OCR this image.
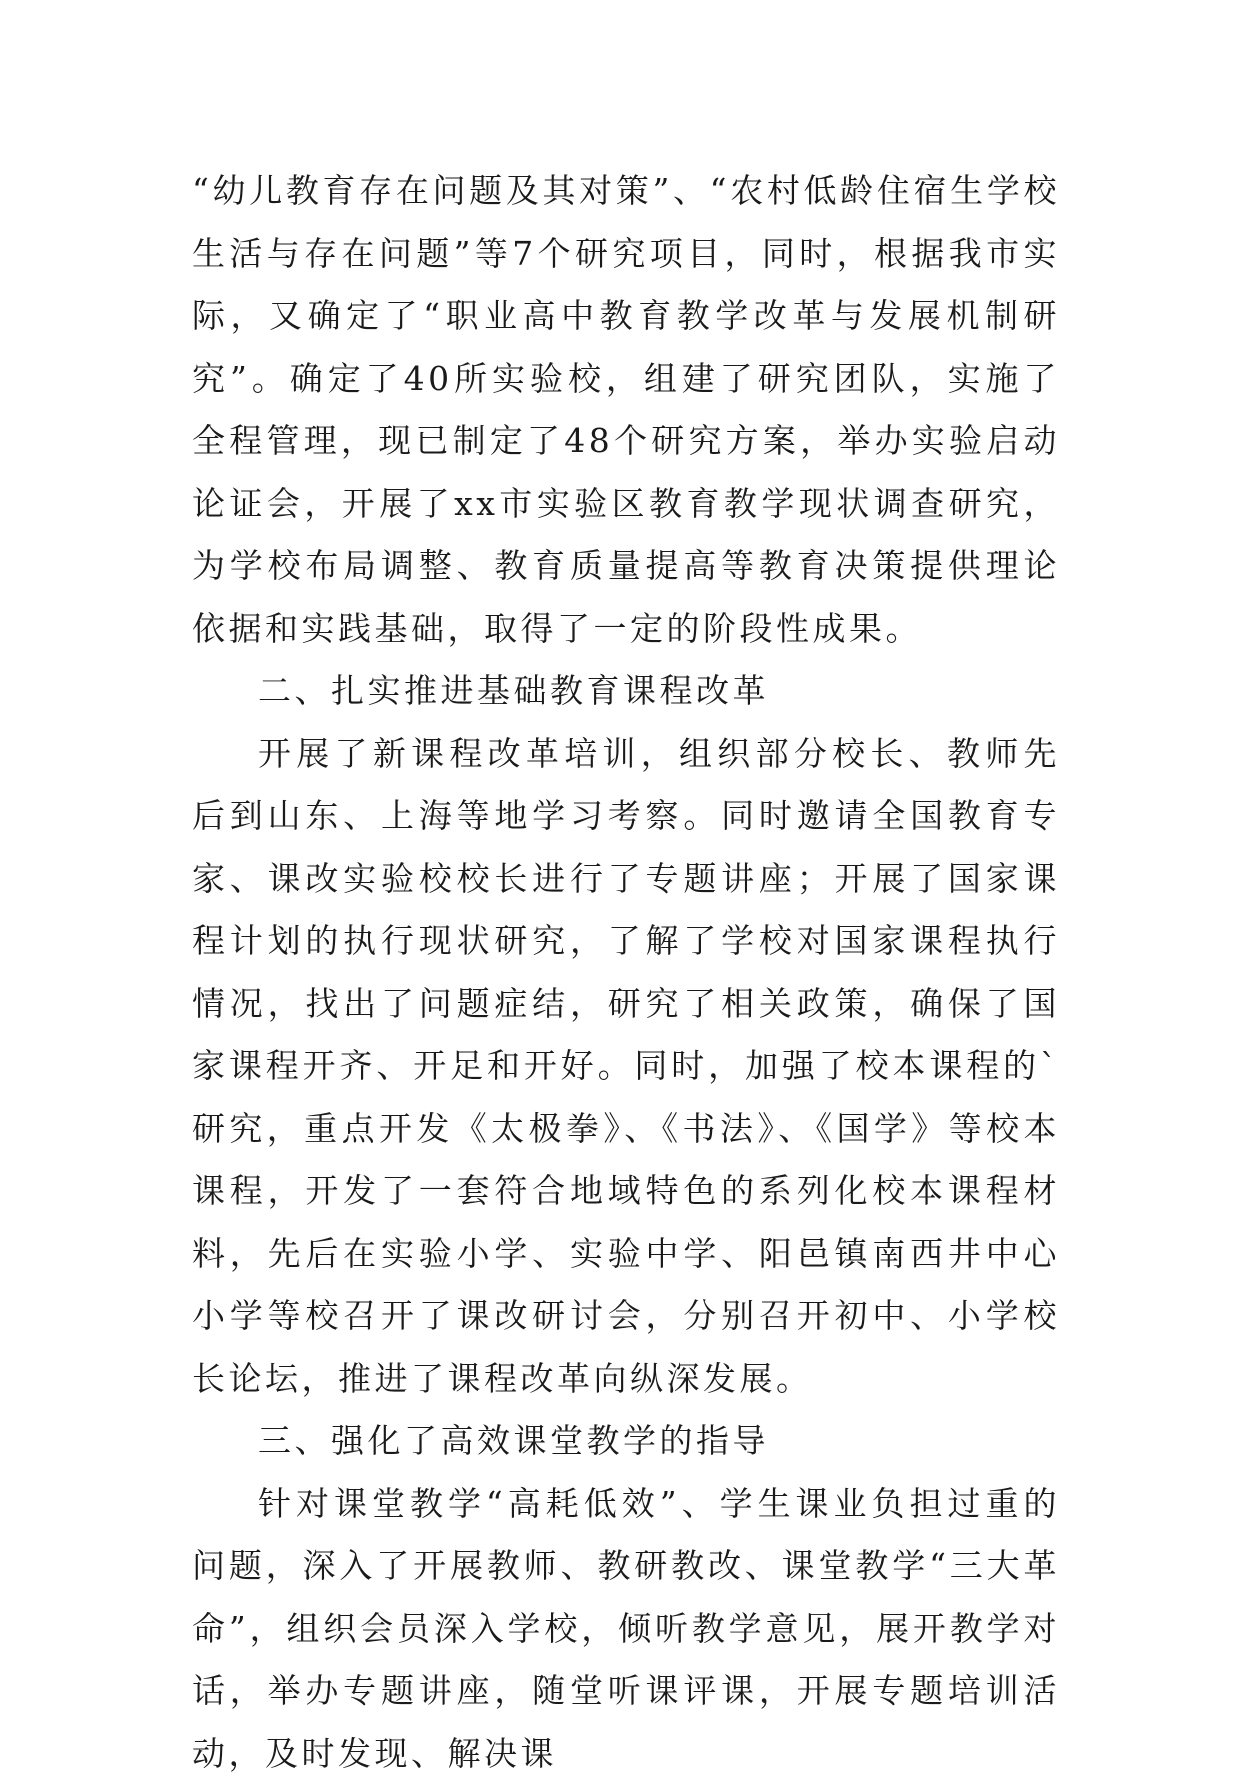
“幼儿教育存在问题及其对策”、“农村低龄住宿生学校生活与存在问题”等7个研究项目，同时，根据我市实际，又确定了“职业高中教育教学改革与发展机制研究”。确定了40所实验校，组建了研究团队，实施了全程管理，现已制定了48个研究方案，举办实验启动论证会，开展了xx市实验区教育教学现状调查研究，为学校布局调整、教育质量提高等教育决策提供理论依据和实践基础，取得了一定的阶段性成果。

二、扎实推进基础教育课程改革

开展了新课程改革培训，组织部分校长、教师先后到山东、上海等地学习考察。同时邀请全国教育专家、课改实验校校长进行了专题讲座；开展了国家课程计划的执行现状研究，了解了学校对国家课程执行情况，找出了问题症结，研究了相关政策，确保了国家课程开齐、开足和开好。同时，加强了校本课程的`研究，重点开发《太极拳》、《书法》、《国学》等校本课程，开发了一套符合地域特色的系列化校本课程材料，先后在实验小学、实验中学、阳邑镇南西井中心小学等校召开了课改研讨会，分别召开初中、小学校长论坛，推进了课程改革向纵深发展。

三、强化了高效课堂教学的指导

针对课堂教学“高耗低效”、学生课业负担过重的问题，深入了开展教师、教研教改、课堂教学“三大革命”，组织会员深入学校，倾听教学意见，展开教学对话，举办专题讲座，随堂听课评课，开展专题培训活动，及时发现、解决课
